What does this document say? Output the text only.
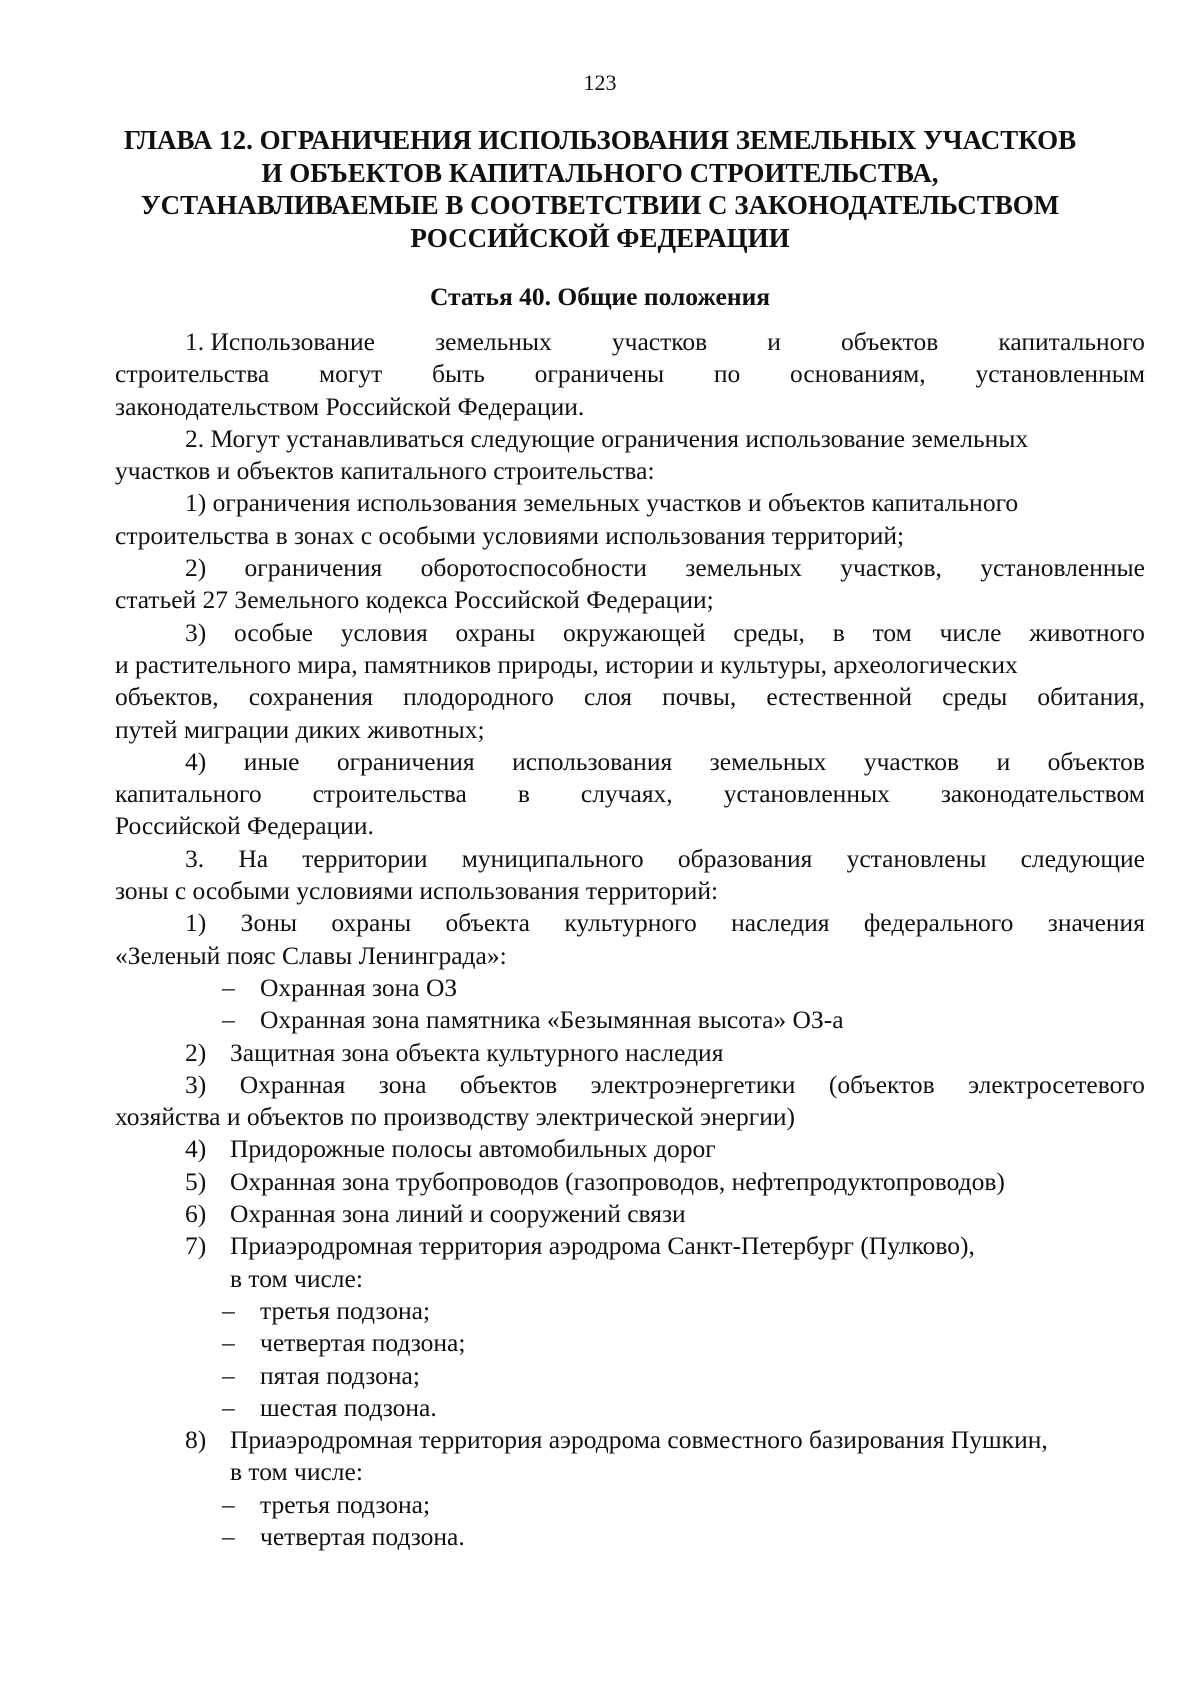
123
ГЛАВА 12. ОГРАНИЧЕНИЯ ИСПОЛЬЗОВАНИЯ ЗЕМЕЛЬНЫХ УЧАСТКОВ
И ОБЪЕКТОВ КАПИТАЛЬНОГО СТРОИТЕЛЬСТВА,
УСТАНАВЛИВАЕМЫЕ В СООТВЕТСТВИИ С ЗАКОНОДАТЕЛЬСТВОМ
РОССИЙСКОЙ ФЕДЕРАЦИИ
Статья 40. Общие положения
1. Использование земельных участков и объектов капитального
строительства могут быть ограничены по основаниям, установленным
законодательством Российской Федерации.
2. Могут устанавливаться следующие ограничения использование земельных
участков и объектов капитального строительства:
1) ограничения использования земельных участков и объектов капитального
строительства в зонах с особыми условиями использования территорий;
2) ограничения оборотоспособности земельных участков, установленные
статьей 27 Земельного кодекса Российской Федерации;
3) особые условия охраны окружающей среды, в том числе животного
и растительного мира, памятников природы, истории и культуры, археологических
объектов, сохранения плодородного слоя почвы, естественной среды обитания,
путей миграции диких животных;
4) иные ограничения использования земельных участков и объектов
капитального строительства в случаях, установленных законодательством
Российской Федерации.
3. На территории муниципального образования установлены следующие
зоны с особыми условиями использования территорий:
1) Зоны охраны объекта культурного наследия федерального значения
«Зеленый пояс Славы Ленинграда»:
– Охранная зона ОЗ
– Охранная зона памятника «Безымянная высота» ОЗ-а
2) Защитная зона объекта культурного наследия
3) Охранная зона объектов электроэнергетики (объектов электросетевого
хозяйства и объектов по производству электрической энергии)
4) Придорожные полосы автомобильных дорог
5) Охранная зона трубопроводов (газопроводов, нефтепродуктопроводов)
6) Охранная зона линий и сооружений связи
7) Приаэродромная территория аэродрома Санкт-Петербург (Пулково),
в том числе:
– третья подзона;
– четвертая подзона;
– пятая подзона;
– шестая подзона.
8) Приаэродромная территория аэродрома совместного базирования Пушкин,
в том числе:
– третья подзона;
– четвертая подзона.
